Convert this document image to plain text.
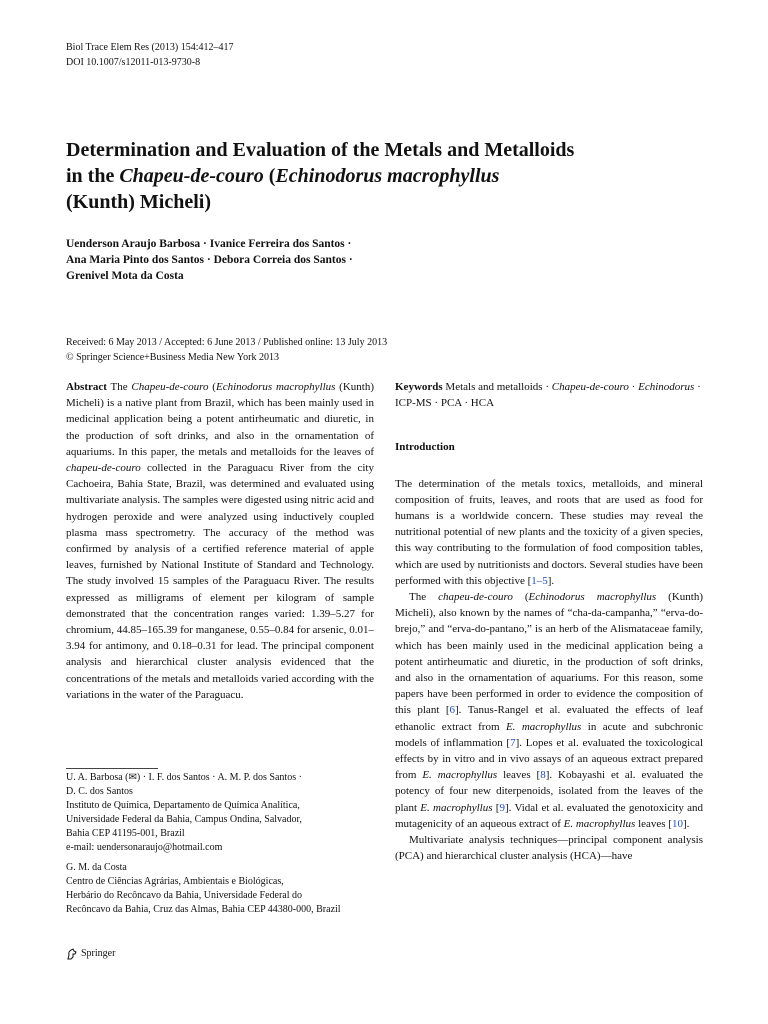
Biol Trace Elem Res (2013) 154:412–417
DOI 10.1007/s12011-013-9730-8
Determination and Evaluation of the Metals and Metalloids
in the Chapeu-de-couro (Echinodorus macrophyllus
(Kunth) Micheli)
Uenderson Araujo Barbosa · Ivanice Ferreira dos Santos ·
Ana Maria Pinto dos Santos · Debora Correia dos Santos ·
Grenivel Mota da Costa
Received: 6 May 2013 / Accepted: 6 June 2013 / Published online: 13 July 2013
© Springer Science+Business Media New York 2013

Abstract The Chapeu-de-couro (Echinodorus macrophyllus (Kunth) Micheli) is a native plant from Brazil, which has been mainly used in medicinal application being a potent antirheumatic and diuretic, in the production of soft drinks, and also in the ornamentation of aquariums. In this paper, the metals and metalloids for the leaves of chapeu-de-couro collected in the Paraguacu River from the city Cachoeira, Bahia State, Brazil, was determined and evaluated using multivariate analysis. The samples were digested using nitric acid and hydrogen peroxide and were analyzed using inductively coupled plasma mass spectrometry. The accuracy of the method was confirmed by analysis of a certified reference material of apple leaves, furnished by National Institute of Standard and Technology. The study involved 15 samples of the Paraguacu River. The results expressed as milligrams of element per kilogram of sample demonstrated that the concentration ranges varied: 1.39–5.27 for chromium, 44.85–165.39 for manganese, 0.55–0.84 for arsenic, 0.01–3.94 for antimony, and 0.18–0.31 for lead. The principal component analysis and hierarchical cluster analysis evidenced that the concentrations of the metals and metalloids varied according with the variations in the water of the Paraguacu.

U. A. Barbosa (✉) · I. F. dos Santos · A. M. P. dos Santos ·
D. C. dos Santos
Instituto de Química, Departamento de Química Analítica,
Universidade Federal da Bahia, Campus Ondina, Salvador,
Bahia CEP 41195-001, Brazil
e-mail: uendersonaraujo@hotmail.com
G. M. da Costa
Centro de Ciências Agrárias, Ambientais e Biológicas,
Herbário do Recôncavo da Bahia, Universidade Federal do
Recôncavo da Bahia, Cruz das Almas, Bahia CEP 44380-000, Brazil

Keywords Metals and metalloids · Chapeu-de-couro · Echinodorus · ICP-MS · PCA · HCA

Introduction

The determination of the metals toxics, metalloids, and mineral composition of fruits, leaves, and roots that are used as food for humans is a worldwide concern. These studies may reveal the nutritional potential of new plants and the toxicity of a given species, this way contributing to the formulation of food composition tables, which are used by nutritionists and doctors. Several studies have been performed with this objective [1–5].

The chapeu-de-couro (Echinodorus macrophyllus (Kunth) Micheli), also known by the names of “cha-da-campanha,” “erva-do-brejo,” and “erva-do-pantano,” is an herb of the Alismataceae family, which has been mainly used in the medicinal application being a potent antirheumatic and diuretic, in the production of soft drinks, and also in the ornamentation of aquariums. For this reason, some papers have been performed in order to evidence the composition of this plant [6]. Tanus-Rangel et al. evaluated the effects of leaf ethanolic extract from E. macrophyllus in acute and subchronic models of inflammation [7]. Lopes et al. evaluated the toxicological effects by in vitro and in vivo assays of an aqueous extract prepared from E. macrophyllus leaves [8]. Kobayashi et al. evaluated the potency of four new diterpenoids, isolated from the leaves of the plant E. macrophyllus [9]. Vidal et al. evaluated the genotoxicity and mutagenicity of an aqueous extract of E. macrophyllus leaves [10].

Multivariate analysis techniques—principal component analysis (PCA) and hierarchical cluster analysis (HCA)—have

Springer
